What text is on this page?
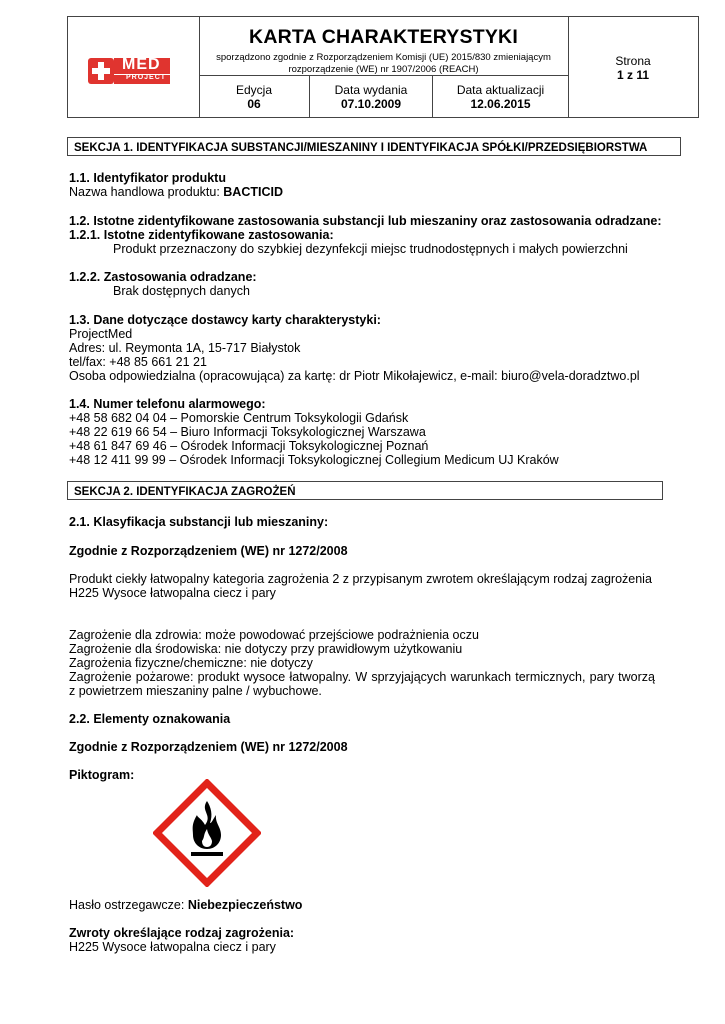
MED
PROJECT
KARTA CHARAKTERYSTYKI
sporządzono zgodnie z Rozporządzeniem Komisji (UE) 2015/830 zmieniającym
rozporządzenie (WE) nr 1907/2006 (REACH)
Edycja
06
Data wydania
07.10.2009
Data aktualizacji
12.06.2015
Strona
1 z 11
SEKCJA 1. IDENTYFIKACJA SUBSTANCJI/MIESZANINY I IDENTYFIKACJA SPÓŁKI/PRZEDSIĘBIORSTWA
1.1. Identyfikator produktu
Nazwa handlowa produktu: BACTICID
1.2. Istotne zidentyfikowane zastosowania substancji lub mieszaniny oraz zastosowania odradzane:
1.2.1. Istotne zidentyfikowane zastosowania:
Produkt przeznaczony do szybkiej dezynfekcji miejsc trudnodostępnych i małych powierzchni
1.2.2. Zastosowania odradzane:
Brak dostępnych danych
1.3. Dane dotyczące dostawcy karty charakterystyki:
ProjectMed
Adres: ul. Reymonta 1A, 15-717 Białystok
tel/fax: +48 85 661 21 21
Osoba odpowiedzialna (opracowująca) za kartę: dr Piotr Mikołajewicz, e-mail: biuro@vela-doradztwo.pl
1.4. Numer telefonu alarmowego:
+48 58 682 04 04 – Pomorskie Centrum Toksykologii Gdańsk
+48 22 619 66 54 – Biuro Informacji Toksykologicznej Warszawa
+48 61 847 69 46 – Ośrodek Informacji Toksykologicznej Poznań
+48 12 411 99 99 – Ośrodek Informacji Toksykologicznej Collegium Medicum UJ Kraków
SEKCJA 2. IDENTYFIKACJA ZAGROŻEŃ
2.1. Klasyfikacja substancji lub mieszaniny:
Zgodnie z Rozporządzeniem (WE) nr 1272/2008
Produkt ciekły łatwopalny kategoria zagrożenia 2 z przypisanym zwrotem określającym rodzaj zagrożenia
H225 Wysoce łatwopalna ciecz i pary
Zagrożenie dla zdrowia: może powodować przejściowe podrażnienia oczu
Zagrożenie dla środowiska: nie dotyczy przy prawidłowym użytkowaniu
Zagrożenia fizyczne/chemiczne: nie dotyczy
Zagrożenie pożarowe: produkt wysoce łatwopalny. W sprzyjających warunkach termicznych, pary tworzą z powietrzem mieszaniny palne / wybuchowe.
2.2. Elementy oznakowania
Zgodnie z Rozporządzeniem (WE) nr 1272/2008
Piktogram:
Hasło ostrzegawcze: Niebezpieczeństwo
Zwroty określające rodzaj zagrożenia:
H225 Wysoce łatwopalna ciecz i pary
